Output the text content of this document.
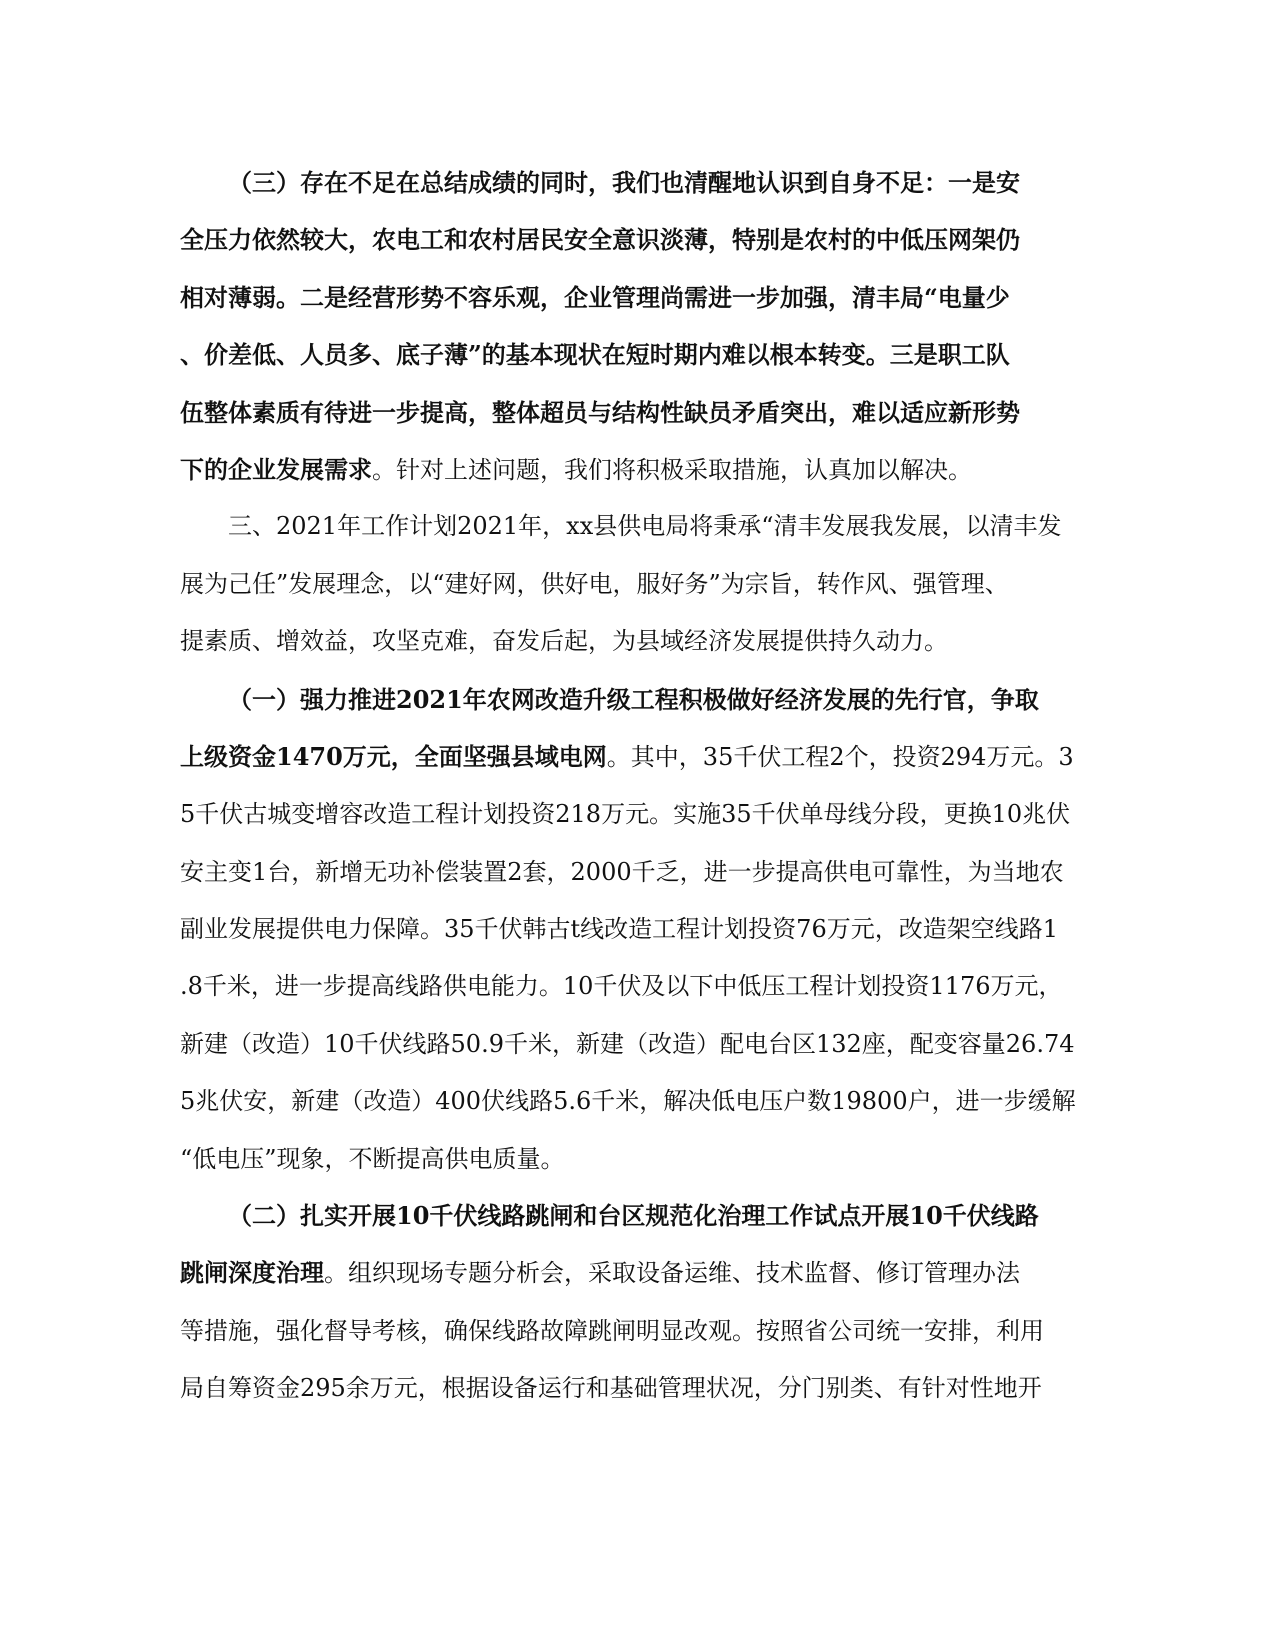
（三）存在不足在总结成绩的同时，我们也清醒地认识到自身不足：一是安
全压力依然较大，农电工和农村居民安全意识淡薄，特别是农村的中低压网架仍
相对薄弱。二是经营形势不容乐观，企业管理尚需进一步加强，清丰局“电量少
、价差低、人员多、底子薄”的基本现状在短时期内难以根本转变。三是职工队
伍整体素质有待进一步提高，整体超员与结构性缺员矛盾突出，难以适应新形势
下的企业发展需求。针对上述问题，我们将积极采取措施，认真加以解决。
三、2021年工作计划2021年，xx县供电局将秉承“清丰发展我发展，以清丰发
展为己任”发展理念，以“建好网，供好电，服好务”为宗旨，转作风、强管理、
提素质、增效益，攻坚克难，奋发后起，为县域经济发展提供持久动力。
（一）强力推进2021年农网改造升级工程积极做好经济发展的先行官，争取
上级资金1470万元，全面坚强县域电网。其中，35千伏工程2个，投资294万元。3
5千伏古城变增容改造工程计划投资218万元。实施35千伏单母线分段，更换10兆伏
安主变1台，新增无功补偿装置2套，2000千乏，进一步提高供电可靠性，为当地农
副业发展提供电力保障。35千伏韩古t线改造工程计划投资76万元，改造架空线路1
.8千米，进一步提高线路供电能力。10千伏及以下中低压工程计划投资1176万元，
新建（改造）10千伏线路50.9千米，新建（改造）配电台区132座，配变容量26.74
5兆伏安，新建（改造）400伏线路5.6千米，解决低电压户数19800户，进一步缓解
“低电压”现象，不断提高供电质量。
（二）扎实开展10千伏线路跳闸和台区规范化治理工作试点开展10千伏线路
跳闸深度治理。组织现场专题分析会，采取设备运维、技术监督、修订管理办法
等措施，强化督导考核，确保线路故障跳闸明显改观。按照省公司统一安排，利用
局自筹资金295余万元，根据设备运行和基础管理状况，分门别类、有针对性地开
